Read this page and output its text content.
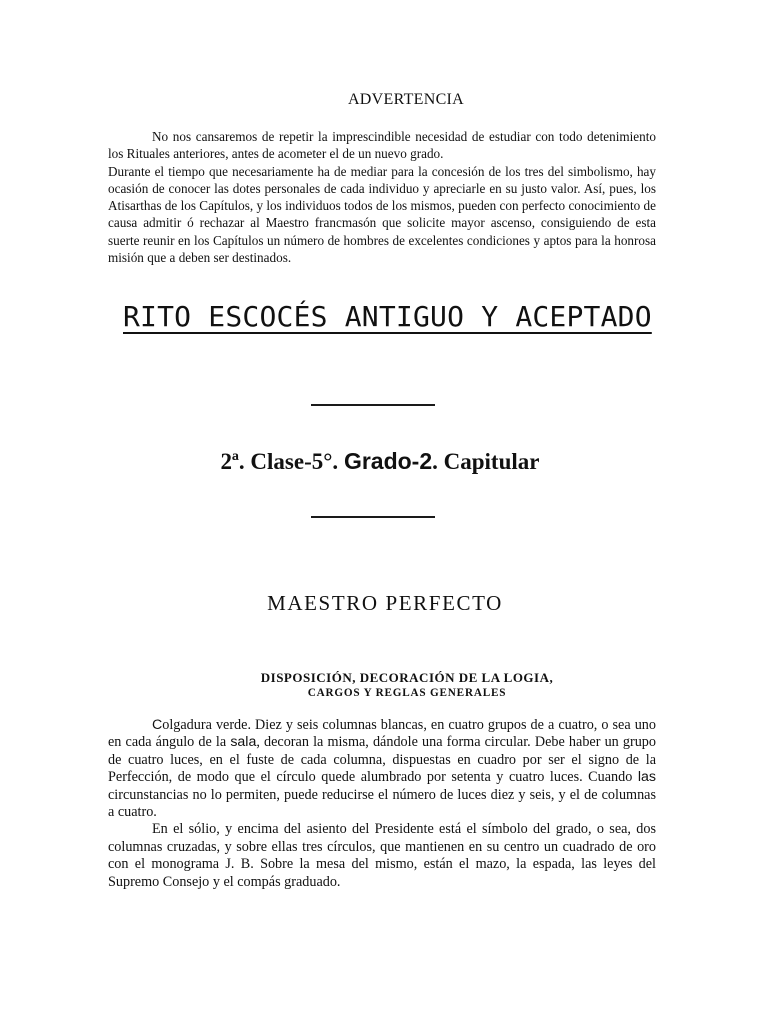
ADVERTENCIA

No nos cansaremos de repetir la imprescindible necesidad de estudiar con todo detenimiento los Rituales anteriores, antes de acometer el de un nuevo grado.

Durante el tiempo que necesariamente ha de mediar para la concesión de los tres del simbolismo, hay ocasión de conocer las dotes personales de cada individuo y apreciarle en su justo valor. Así, pues, los Atisarthas de los Capítulos, y los individuos todos de los mismos, pueden con perfecto conocimiento de causa admitir ó rechazar al Maestro francmasón que solicite mayor ascenso, consiguiendo de esta suerte reunir en los Capítulos un número de hombres de excelentes condiciones y aptos para la honrosa misión que a deben ser destinados.

RITO ESCOCÉS ANTIGUO Y ACEPTADO
2ª. Clase-5°. Grado-2. Capitular
MAESTRO PERFECTO
DISPOSICIÓN, DECORACIÓN DE LA LOGIA,
CARGOS Y REGLAS GENERALES

Colgadura verde. Diez y seis columnas blancas, en cuatro grupos de a cuatro, o sea uno en cada ángulo de la sala, decoran la misma, dándole una forma circular. Debe haber un grupo de cuatro luces, en el fuste de cada columna, dispuestas en cuadro por ser el signo de la Perfección, de modo que el círculo quede alumbrado por setenta y cuatro luces. Cuando las circunstancias no lo permiten, puede reducirse el número de luces diez y seis, y el de columnas a cuatro.

En el sólio, y encima del asiento del Presidente está el símbolo del grado, o sea, dos columnas cruzadas, y sobre ellas tres círculos, que mantienen en su centro un cuadrado de oro con el monograma J. B. Sobre la mesa del mismo, están el mazo, la espada, las leyes del Supremo Consejo y el compás graduado.
